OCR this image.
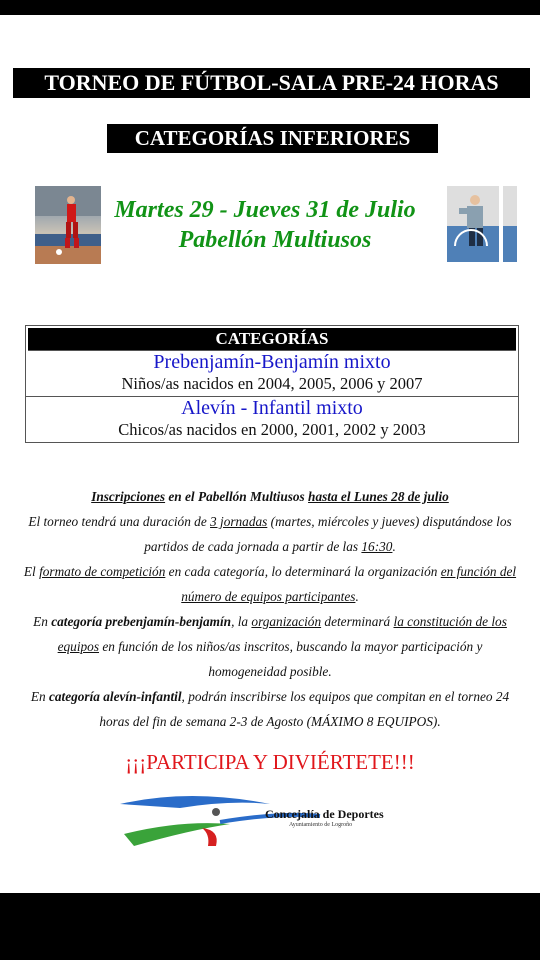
TORNEO DE FÚTBOL-SALA PRE-24 HORAS
CATEGORÍAS INFERIORES
Martes 29 - Jueves 31 de Julio
Pabellón Multiusos
CATEGORÍAS
Prebenjamín-Benjamín mixto
Niños/as nacidos en 2004, 2005, 2006 y 2007
Alevín - Infantil mixto
Chicos/as nacidos en 2000, 2001, 2002 y 2003
Inscripciones en el Pabellón Multiusos hasta el Lunes 28 de julio
El torneo tendrá una duración de 3 jornadas (martes, miércoles y jueves) disputándose los partidos de cada jornada a partir de las 16:30.
El formato de competición en cada categoría, lo determinará la organización en función del número de equipos participantes.
En categoría prebenjamín-benjamín, la organización determinará la constitución de los equipos en función de los niños/as inscritos, buscando la mayor participación y homogeneidad posible.
En categoría alevín-infantil, podrán inscribirse los equipos que compitan en el torneo 24 horas del fin de semana 2-3 de Agosto (MÁXIMO 8 EQUIPOS).
¡¡¡PARTICIPA Y DIVIÉRTETE!!!
Concejalía de Deportes
Ayuntamiento de Logroño
